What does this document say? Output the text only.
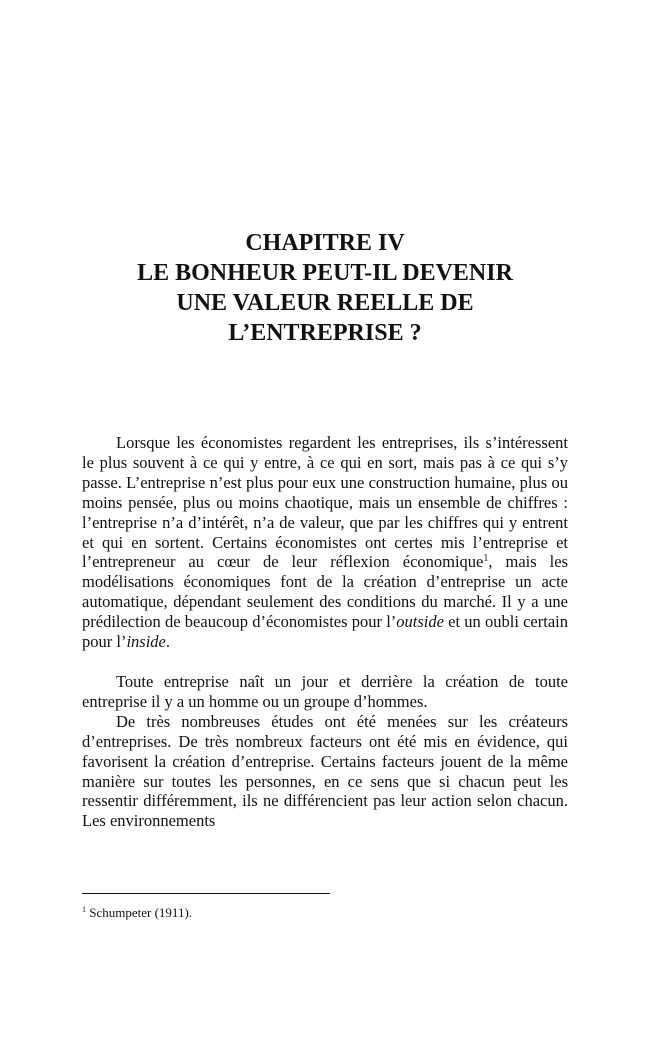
CHAPITRE IV
LE BONHEUR PEUT-IL DEVENIR
UNE VALEUR REELLE DE
L’ENTREPRISE ?

Lorsque les économistes regardent les entreprises, ils s’intéressent le plus souvent à ce qui y entre, à ce qui en sort, mais pas à ce qui s’y passe. L’entreprise n’est plus pour eux une construction humaine, plus ou moins pensée, plus ou moins chaotique, mais un ensemble de chiffres : l’entreprise n’a d’intérêt, n’a de valeur, que par les chiffres qui y entrent et qui en sortent. Certains économistes ont certes mis l’entreprise et l’entrepreneur au cœur de leur réflexion économique$^1$, mais les modélisations économiques font de la création d’entreprise un acte automatique, dépendant seulement des conditions du marché. Il y a une prédilection de beaucoup d’économistes pour l’outside et un oubli certain pour l’inside.

Toute entreprise naît un jour et derrière la création de toute entreprise il y a un homme ou un groupe d’hommes.

De très nombreuses études ont été menées sur les créateurs d’entreprises. De très nombreux facteurs ont été mis en évidence, qui favorisent la création d’entreprise. Certains facteurs jouent de la même manière sur toutes les personnes, en ce sens que si chacun peut les ressentir différemment, ils ne différencient pas leur action selon chacun. Les environnements

$^1$ Schumpeter (1911).
